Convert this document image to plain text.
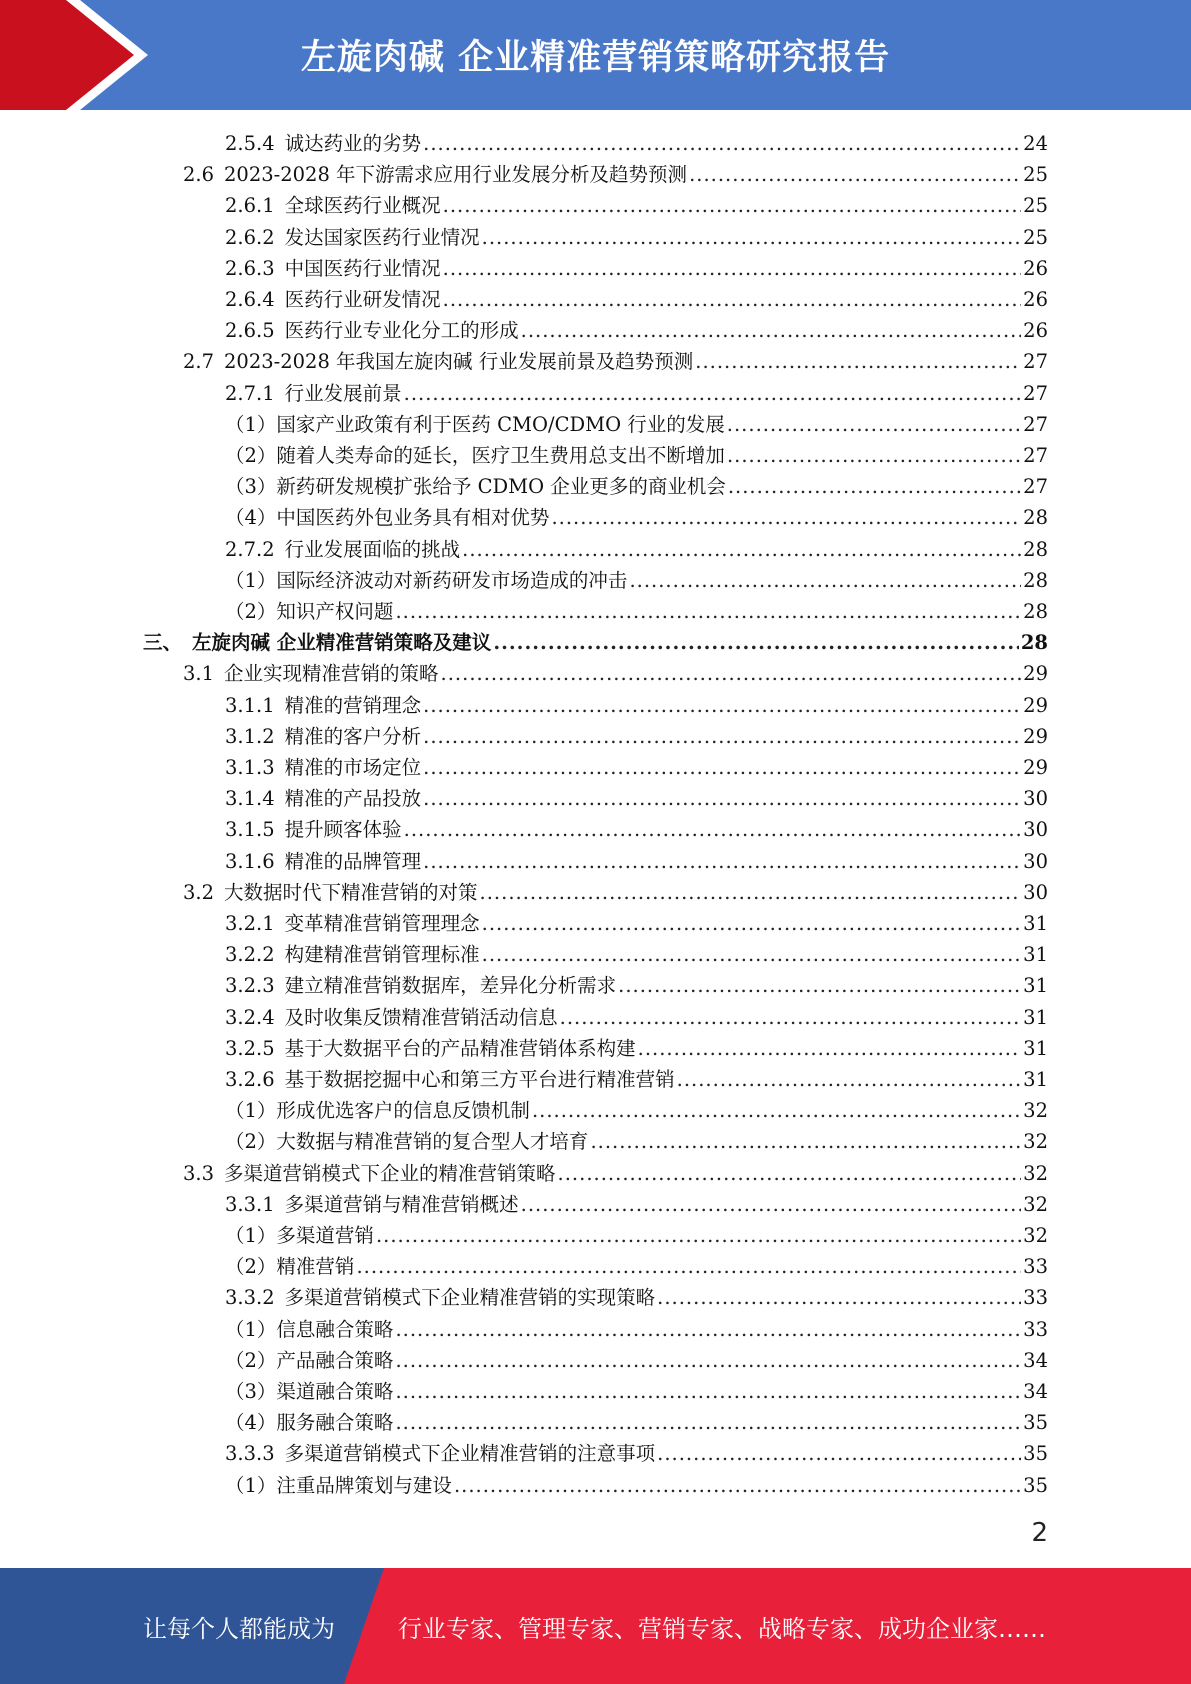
左旋肉碱 企业精准营销策略研究报告
2.5.4 诚达药业的劣势 .....	24
2.6 2023-2028 年下游需求应用行业发展分析及趋势预测 .....	25
2.6.1 全球医药行业概况 .....	25
2.6.2 发达国家医药行业情况 .....	25
2.6.3 中国医药行业情况 .....	26
2.6.4 医药行业研发情况 .....	26
2.6.5 医药行业专业化分工的形成 .....	26
2.7 2023-2028 年我国左旋肉碱 行业发展前景及趋势预测 .....	27
2.7.1 行业发展前景 .....	27
（1） 国家产业政策有利于医药 CMO/CDMO 行业的发展 .....	27
（2） 随着人类寿命的延长，医疗卫生费用总支出不断增加 .....	27
（3） 新药研发规模扩张给予 CDMO 企业更多的商业机会 .....	27
（4） 中国医药外包业务具有相对优势 .....	28
2.7.2 行业发展面临的挑战 .....	28
（1） 国际经济波动对新药研发市场造成的冲击 .....	28
（2） 知识产权问题 .....	28
三、 左旋肉碱 企业精准营销策略及建议 .....	28
3.1 企业实现精准营销的策略 .....	29
3.1.1 精准的营销理念 .....	29
3.1.2 精准的客户分析 .....	29
3.1.3 精准的市场定位 .....	29
3.1.4 精准的产品投放 .....	30
3.1.5 提升顾客体验 .....	30
3.1.6 精准的品牌管理 .....	30
3.2 大数据时代下精准营销的对策 .....	30
3.2.1 变革精准营销管理理念 .....	31
3.2.2 构建精准营销管理标准 .....	31
3.2.3 建立精准营销数据库，差异化分析需求 .....	31
3.2.4 及时收集反馈精准营销活动信息 .....	31
3.2.5 基于大数据平台的产品精准营销体系构建 .....	31
3.2.6 基于数据挖掘中心和第三方平台进行精准营销 .....	31
（1） 形成优选客户的信息反馈机制 .....	32
（2） 大数据与精准营销的复合型人才培育 .....	32
3.3 多渠道营销模式下企业的精准营销策略 .....	32
3.3.1 多渠道营销与精准营销概述 .....	32
（1） 多渠道营销 .....	32
（2） 精准营销 .....	33
3.3.2 多渠道营销模式下企业精准营销的实现策略 .....	33
（1） 信息融合策略 .....	33
（2） 产品融合策略 .....	34
（3） 渠道融合策略 .....	34
（4） 服务融合策略 .....	35
3.3.3 多渠道营销模式下企业精准营销的注意事项 .....	35
（1） 注重品牌策划与建设 .....	35
2
让每个人都能成为	行业专家、管理专家、营销专家、战略专家、成功企业家……
